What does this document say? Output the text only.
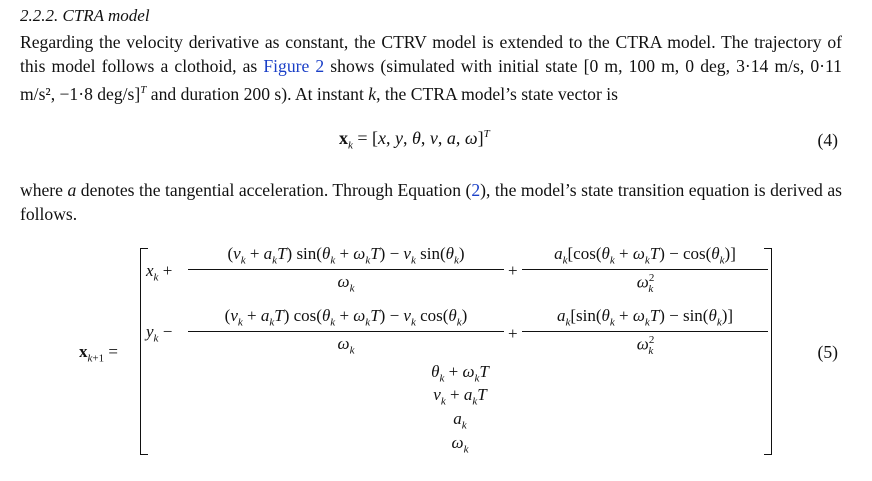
2.2.2. CTRA model
Regarding the velocity derivative as constant, the CTRV model is extended to the CTRA model. The trajectory of this model follows a clothoid, as Figure 2 shows (simulated with initial state [0 m, 100 m, 0 deg, 3·14 m/s, 0·11 m/s², −1·8 deg/s]$^T$ and duration 200 s). At instant k, the CTRA model’s state vector is
$x_k = [x$, y, θ, v, a, ω]$^T$	(4)
where a denotes the tangential acceleration. Through Equation (2), the model’s state transition equation is derived as follows.
$x_{k+1}$ =
$x_k$ +
$(v_k + a_kT) \sin(\theta_k + \omega_kT) - v_k$ $\sin(\theta_k)$
$\omega_k$
+
$a_k[\cos(\theta_k + \omega_kT) - \cos(\theta_k)]$
$\omega^2_k$
$y_k$ −
$(v_k + a_kT) \cos(\theta_k + \omega_kT) - v_k$ $\cos(\theta_k)$
$\omega_k$
+
$a_k[\sin(\theta_k + \omega_kT) - \sin(\theta_k)]$
$\omega^2_k$
$\theta_k + \omega_kT$
$v_k + a_kT$
$a_k$
$\omega_k$
(5)
